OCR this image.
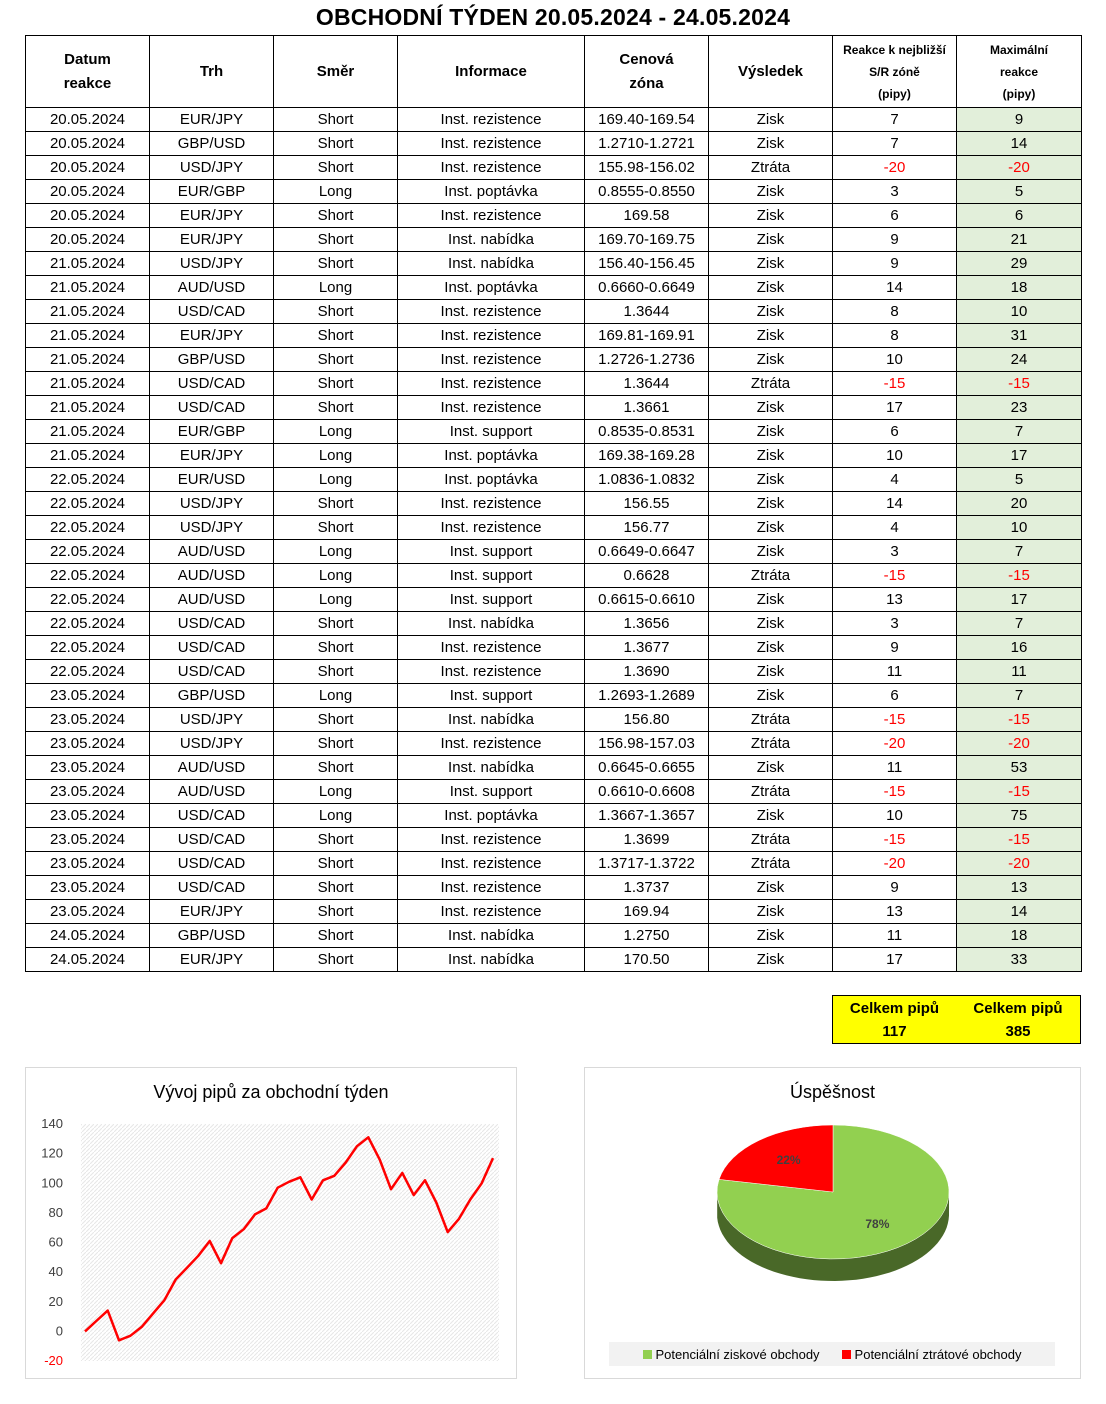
OBCHODNÍ TÝDEN 20.05.2024 - 24.05.2024
Datum
reakce	Trh	Směr	Informace	Cenová
zóna	Výsledek	Reakce k nejbližší
S/R zóně
(pipy)	Maximální
reakce
(pipy)
20.05.2024	EUR/JPY	Short	Inst. rezistence	169.40-169.54	Zisk	7	9
20.05.2024	GBP/USD	Short	Inst. rezistence	1.2710-1.2721	Zisk	7	14
20.05.2024	USD/JPY	Short	Inst. rezistence	155.98-156.02	Ztráta	-20	-20
20.05.2024	EUR/GBP	Long	Inst. poptávka	0.8555-0.8550	Zisk	3	5
20.05.2024	EUR/JPY	Short	Inst. rezistence	169.58	Zisk	6	6
20.05.2024	EUR/JPY	Short	Inst. nabídka	169.70-169.75	Zisk	9	21
21.05.2024	USD/JPY	Short	Inst. nabídka	156.40-156.45	Zisk	9	29
21.05.2024	AUD/USD	Long	Inst. poptávka	0.6660-0.6649	Zisk	14	18
21.05.2024	USD/CAD	Short	Inst. rezistence	1.3644	Zisk	8	10
21.05.2024	EUR/JPY	Short	Inst. rezistence	169.81-169.91	Zisk	8	31
21.05.2024	GBP/USD	Short	Inst. rezistence	1.2726-1.2736	Zisk	10	24
21.05.2024	USD/CAD	Short	Inst. rezistence	1.3644	Ztráta	-15	-15
21.05.2024	USD/CAD	Short	Inst. rezistence	1.3661	Zisk	17	23
21.05.2024	EUR/GBP	Long	Inst. support	0.8535-0.8531	Zisk	6	7
21.05.2024	EUR/JPY	Long	Inst. poptávka	169.38-169.28	Zisk	10	17
22.05.2024	EUR/USD	Long	Inst. poptávka	1.0836-1.0832	Zisk	4	5
22.05.2024	USD/JPY	Short	Inst. rezistence	156.55	Zisk	14	20
22.05.2024	USD/JPY	Short	Inst. rezistence	156.77	Zisk	4	10
22.05.2024	AUD/USD	Long	Inst. support	0.6649-0.6647	Zisk	3	7
22.05.2024	AUD/USD	Long	Inst. support	0.6628	Ztráta	-15	-15
22.05.2024	AUD/USD	Long	Inst. support	0.6615-0.6610	Zisk	13	17
22.05.2024	USD/CAD	Short	Inst. nabídka	1.3656	Zisk	3	7
22.05.2024	USD/CAD	Short	Inst. rezistence	1.3677	Zisk	9	16
22.05.2024	USD/CAD	Short	Inst. rezistence	1.3690	Zisk	11	11
23.05.2024	GBP/USD	Long	Inst. support	1.2693-1.2689	Zisk	6	7
23.05.2024	USD/JPY	Short	Inst. nabídka	156.80	Ztráta	-15	-15
23.05.2024	USD/JPY	Short	Inst. rezistence	156.98-157.03	Ztráta	-20	-20
23.05.2024	AUD/USD	Short	Inst. nabídka	0.6645-0.6655	Zisk	11	53
23.05.2024	AUD/USD	Long	Inst. support	0.6610-0.6608	Ztráta	-15	-15
23.05.2024	USD/CAD	Long	Inst. poptávka	1.3667-1.3657	Zisk	10	75
23.05.2024	USD/CAD	Short	Inst. rezistence	1.3699	Ztráta	-15	-15
23.05.2024	USD/CAD	Short	Inst. rezistence	1.3717-1.3722	Ztráta	-20	-20
23.05.2024	USD/CAD	Short	Inst. rezistence	1.3737	Zisk	9	13
23.05.2024	EUR/JPY	Short	Inst. rezistence	169.94	Zisk	13	14
24.05.2024	GBP/USD	Short	Inst. nabídka	1.2750	Zisk	11	18
24.05.2024	EUR/JPY	Short	Inst. nabídka	170.50	Zisk	17	33
Celkem pipů
117
Celkem pipů
385
Vývoj pipů za obchodní týden
140
120
100
80
60
40
20
0
-20
Úspěšnost
78%
22%
Potenciální ziskové obchody	Potenciální ztrátové obchody
